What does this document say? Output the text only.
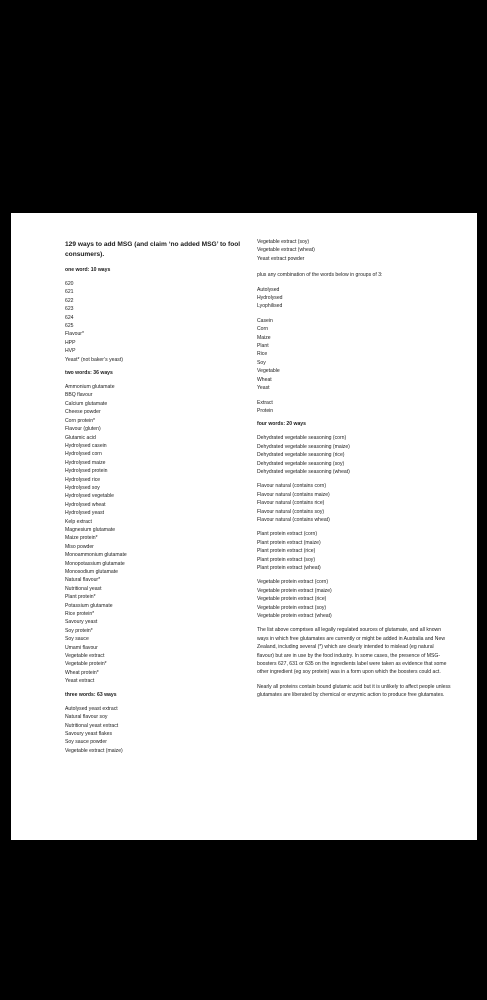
129 ways to add MSG (and claim ‘no added MSG’ to fool consumers).

one word: 10 ways

620

621

622

623

624

625

Flavour*

HPP

HVP

Yeast* (not baker’s yeast)

two words: 36 ways

Ammonium glutamate

BBQ flavour

Calcium glutamate

Cheese powder

Corn protein*

Flavour (gluten)

Glutamic acid

Hydrolysed casein

Hydrolysed corn

Hydrolysed maize

Hydrolysed protein

Hydrolysed rice

Hydrolysed soy

Hydrolysed vegetable

Hydrolysed wheat

Hydrolysed yeast

Kelp extract

Magnesium glutamate

Maize protein*

Miso powder

Monoammonium glutamate

Monopotassium glutamate

Monosodium glutamate

Natural flavour*

Nutritional yeast

Plant protein*

Potassium glutamate

Rice protein*

Savoury yeast

Soy protein*

Soy sauce

Umami flavour

Vegetable extract

Vegetable protein*

Wheat protein*

Yeast extract

three words: 63 ways

Autolysed yeast extract

Natural flavour soy

Nutritional yeast extract

Savoury yeast flakes

Soy sauce powder

Vegetable extract (maize)

Vegetable extract (soy)

Vegetable extract (wheat)

Yeast extract powder

plus any combination of the words below in groups of 3:

Autolysed

Hydrolysed

Lyophilised

Casein

Corn

Maize

Plant

Rice

Soy

Vegetable

Wheat

Yeast

Extract

Protein

four words: 20 ways

Dehydrated vegetable seasoning (corn)

Dehydrated vegetable seasoning (maize)

Dehydrated vegetable seasoning (rice)

Dehydrated vegetable seasoning (soy)

Dehydrated vegetable seasoning (wheat)

Flavour natural (contains corn)

Flavour natural (contains maize)

Flavour natural (contains rice)

Flavour natural (contains soy)

Flavour natural (contains wheat)

Plant protein extract (corn)

Plant protein extract (maize)

Plant protein extract (rice)

Plant protein extract (soy)

Plant protein extract (wheat)

Vegetable protein extract (corn)

Vegetable protein extract (maize)

Vegetable protein extract (rice)

Vegetable protein extract (soy)

Vegetable protein extract (wheat)

The list above comprises all legally regulated sources of glutamate, and all known ways in which free glutamates are currently or might be added in Australia and New Zealand, including several (*) which are clearly intended to mislead (eg natural flavour) but are in use by the food industry. In some cases, the presence of MSG-boosters 627, 631 or 635 on the ingredients label were taken as evidence that some other ingredient (eg soy protein) was in a form upon which the boosters could act.

Nearly all proteins contain bound glutamic acid but it is unlikely to affect people unless glutamates are liberated by chemical or enzymic action to produce free glutamates.
